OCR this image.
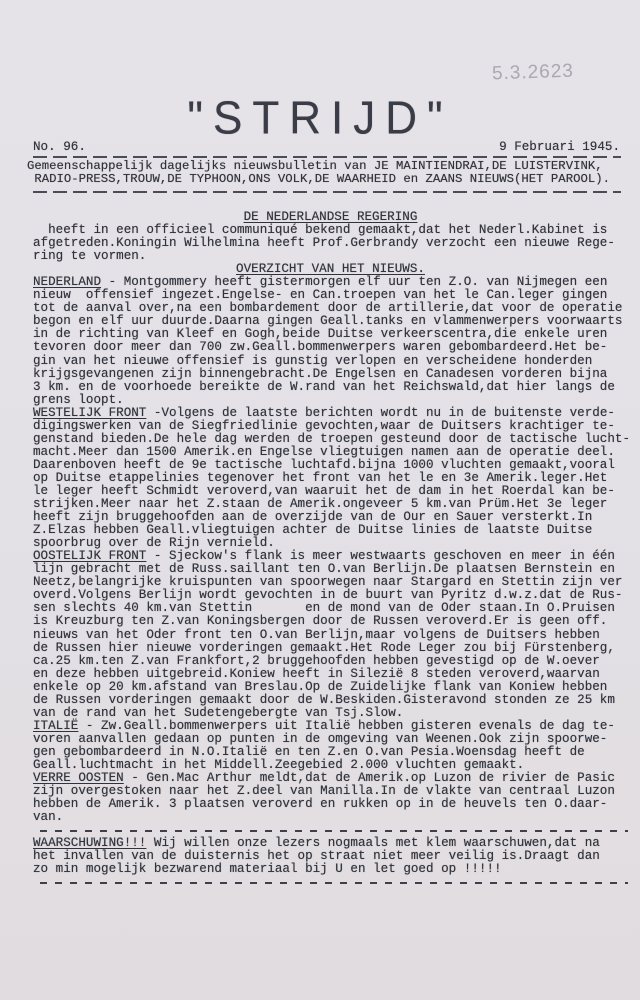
5.3.2623
"STRIJD"
No. 96.	9 Februari 1945.
Gemeenschappelijk dagelijks nieuwsbulletin van JE MAINTIENDRAI,DE LUISTERVINK,
RADIO-PRESS,TROUW,DE TYPHOON,ONS VOLK,DE WAARHEID en ZAANS NIEUWS(HET PAROOL).
DE NEDERLANDSE REGERING
heeft in een officieel communiqué bekend gemaakt,dat het Nederl.Kabinet is
afgetreden.Koningin Wilhelmina heeft Prof.Gerbrandy verzocht een nieuwe Rege-
ring te vormen.
OVERZICHT VAN HET NIEUWS.
NEDERLAND - Montgommery heeft gistermorgen elf uur ten Z.O. van Nijmegen een
nieuw  offensief ingezet.Engelse- en Can.troepen van het le Can.leger gingen
tot de aanval over,na een bombardement door de artillerie,dat voor de operatie
begon en elf uur duurde.Daarna gingen Geall.tanks en vlammenwerpers voorwaarts
in de richting van Kleef en Gogh,beide Duitse verkeerscentra,die enkele uren
tevoren door meer dan 700 zw.Geall.bommenwerpers waren gebombardeerd.Het be-
gin van het nieuwe offensief is gunstig verlopen en verscheidene honderden
krijgsgevangenen zijn binnengebracht.De Engelsen en Canadesen vorderen bijna
3 km. en de voorhoede bereikte de W.rand van het Reichswald,dat hier langs de
grens loopt.
WESTELIJK FRONT -Volgens de laatste berichten wordt nu in de buitenste verde-
digingswerken van de Siegfriedlinie gevochten,waar de Duitsers krachtiger te-
genstand bieden.De hele dag werden de troepen gesteund door de tactische lucht-
macht.Meer dan 1500 Amerik.en Engelse vliegtuigen namen aan de operatie deel.
Daarenboven heeft de 9e tactische luchtafd.bijna 1000 vluchten gemaakt,vooral
op Duitse etappelinies tegenover het front van het le en 3e Amerik.leger.Het
le leger heeft Schmidt veroverd,van waaruit het de dam in het Roerdal kan be-
strijken.Meer naar het Z.staan de Amerik.ongeveer 5 km.van Prüm.Het 3e leger
heeft zijn bruggehoofden aan de overzijde van de Our en Sauer versterkt.In
Z.Elzas hebben Geall.vliegtuigen achter de Duitse linies de laatste Duitse
spoorbrug over de Rijn vernield.
OOSTELIJK FRONT - Sjeckow's flank is meer westwaarts geschoven en meer in één
lijn gebracht met de Russ.saillant ten O.van Berlijn.De plaatsen Bernstein en
Neetz,belangrijke kruispunten van spoorwegen naar Stargard en Stettin zijn ver
overd.Volgens Berlijn wordt gevochten in de buurt van Pyritz d.w.z.dat de Rus-
sen slechts 40 km.van Stettin       en de mond van de Oder staan.In O.Pruisen
is Kreuzburg ten Z.van Koningsbergen door de Russen veroverd.Er is geen off.
nieuws van het Oder front ten O.van Berlijn,maar volgens de Duitsers hebben
de Russen hier nieuwe vorderingen gemaakt.Het Rode Leger zou bij Fürstenberg,
ca.25 km.ten Z.van Frankfort,2 bruggehoofden hebben gevestigd op de W.oever
en deze hebben uitgebreid.Koniew heeft in Silezië 8 steden veroverd,waarvan
enkele op 20 km.afstand van Breslau.Op de Zuidelijke flank van Koniew hebben
de Russen vorderingen gemaakt door de W.Beskiden.Gisteravond stonden ze 25 km
van de rand van het Sudetengebergte van Tsj.Slow.
ITALIË - Zw.Geall.bommenwerpers uit Italië hebben gisteren evenals de dag te-
voren aanvallen gedaan op punten in de omgeving van Weenen.Ook zijn spoorwe-
gen gebombardeerd in N.O.Italië en ten Z.en O.van Pesia.Woensdag heeft de
Geall.luchtmacht in het Middell.Zeegebied 2.000 vluchten gemaakt.
VERRE OOSTEN - Gen.Mac Arthur meldt,dat de Amerik.op Luzon de rivier de Pasic
zijn overgestoken naar het Z.deel van Manilla.In de vlakte van centraal Luzon
hebben de Amerik. 3 plaatsen veroverd en rukken op in de heuvels ten O.daar-
van.
WAARSCHUWING!!! Wij willen onze lezers nogmaals met klem waarschuwen,dat na
het invallen van de duisternis het op straat niet meer veilig is.Draagt dan
zo min mogelijk bezwarend materiaal bij U en let goed op !!!!!
